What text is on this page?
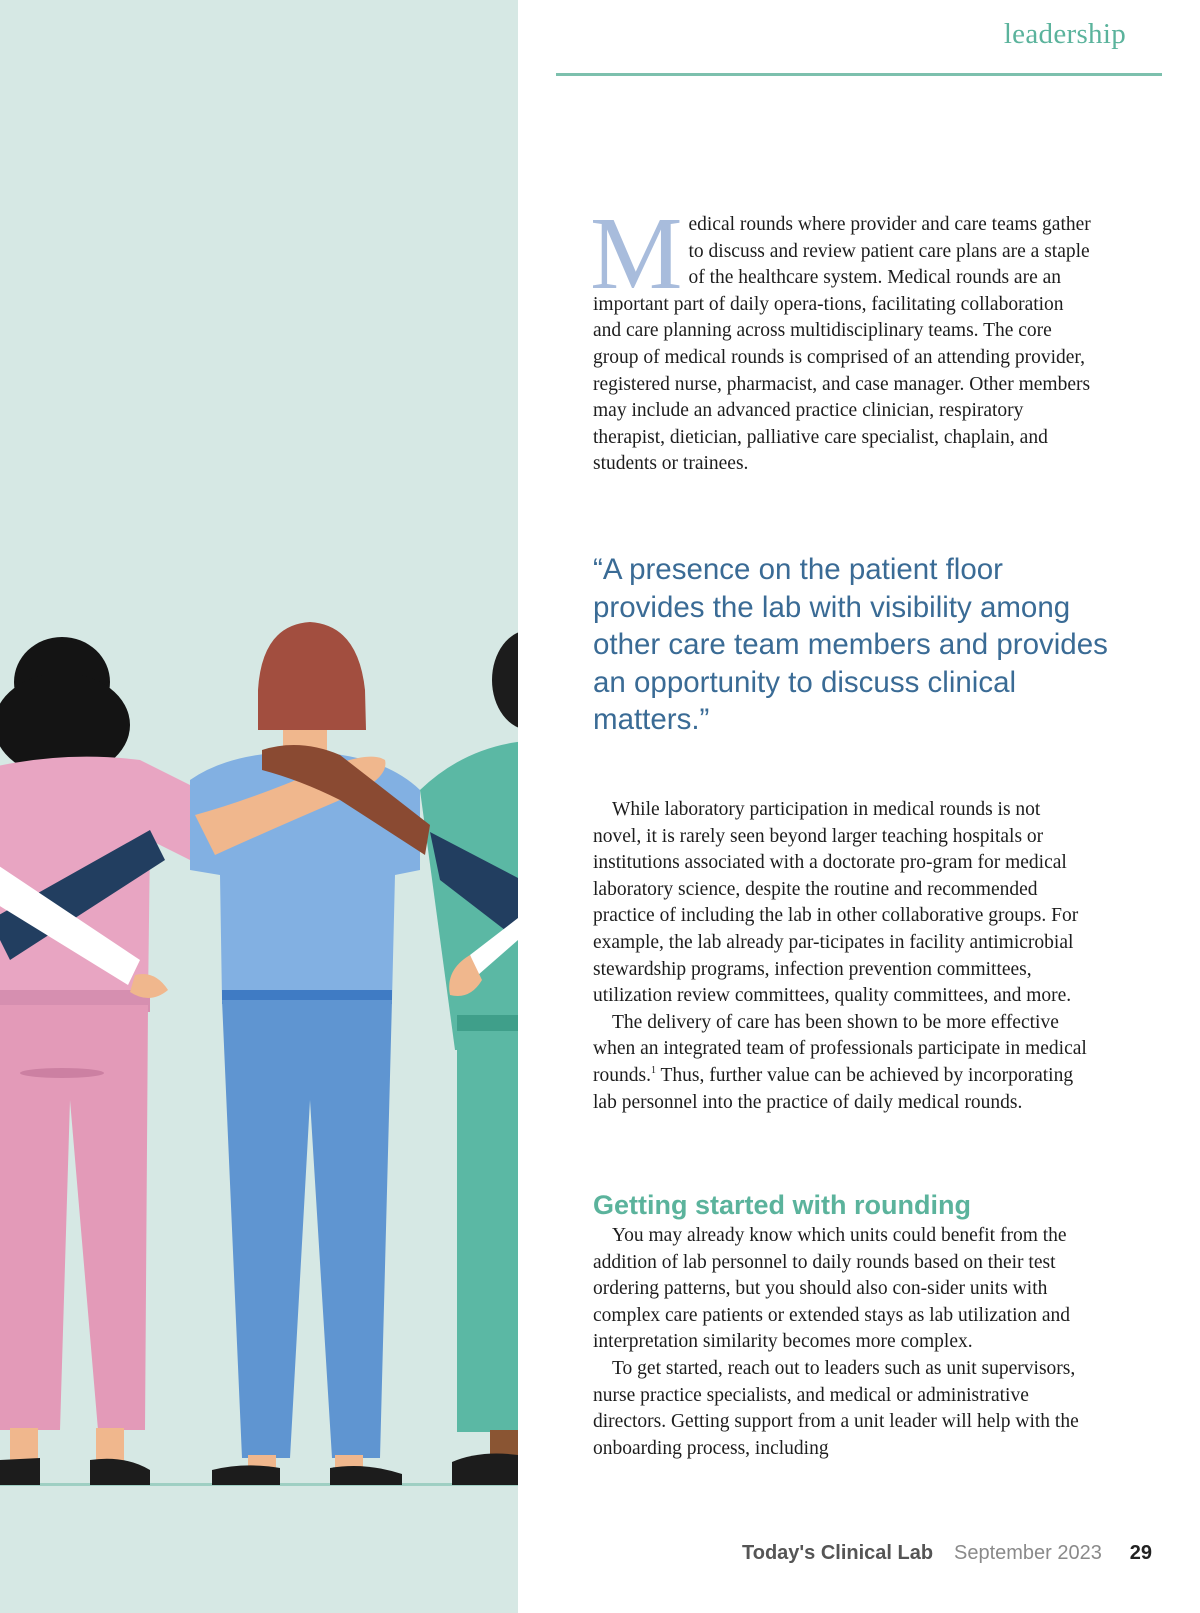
leadership
Medical rounds where provider and care teams gather to discuss and review patient care plans are a staple of the healthcare system. Medical rounds are an important part of daily opera-tions, facilitating collaboration and care planning across multidisciplinary teams. The core group of medical rounds is comprised of an attending provider, registered nurse, pharmacist, and case manager. Other members may include an advanced practice clinician, respiratory therapist, dietician, palliative care specialist, chaplain, and students or trainees.
“A presence on the patient floor provides the lab with visibility among other care team members and provides an opportunity to discuss clinical matters.”

While laboratory participation in medical rounds is not novel, it is rarely seen beyond larger teaching hospitals or institutions associated with a doctorate pro-gram for medical laboratory science, despite the routine and recommended practice of including the lab in other collaborative groups. For example, the lab already par-ticipates in facility antimicrobial stewardship programs, infection prevention committees, utilization review committees, quality committees, and more.

The delivery of care has been shown to be more effective when an integrated team of professionals participate in medical rounds.$^1$ Thus, further value can be achieved by incorporating lab personnel into the practice of daily medical rounds.

Getting started with rounding

You may already know which units could benefit from the addition of lab personnel to daily rounds based on their test ordering patterns, but you should also con-sider units with complex care patients or extended stays as lab utilization and interpretation similarity becomes more complex.

To get started, reach out to leaders such as unit supervisors, nurse practice specialists, and medical or administrative directors. Getting support from a unit leader will help with the onboarding process, including

Today's Clinical Lab September 2023 29
